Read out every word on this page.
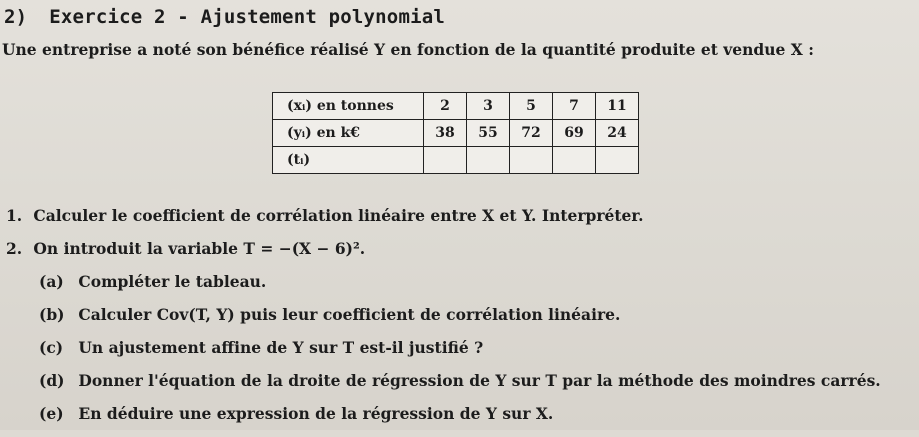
2) Exercice 2 - Ajustement polynomial
Une entreprise a noté son bénéfice réalisé Y en fonction de la quantité produite et vendue X :
(xᵢ) en tonnes	2	3	5	7	11
(yᵢ) en k€	38	55	72	69	24
(tᵢ)					
1. Calculer le coefficient de corrélation linéaire entre X et Y. Interpréter.
2. On introduit la variable T = −(X − 6)².
(a) Compléter le tableau.
(b) Calculer Cov(T, Y) puis leur coefficient de corrélation linéaire.
(c) Un ajustement affine de Y sur T est-il justifié ?
(d) Donner l'équation de la droite de régression de Y sur T par la méthode des moindres carrés.
(e) En déduire une expression de la régression de Y sur X.
